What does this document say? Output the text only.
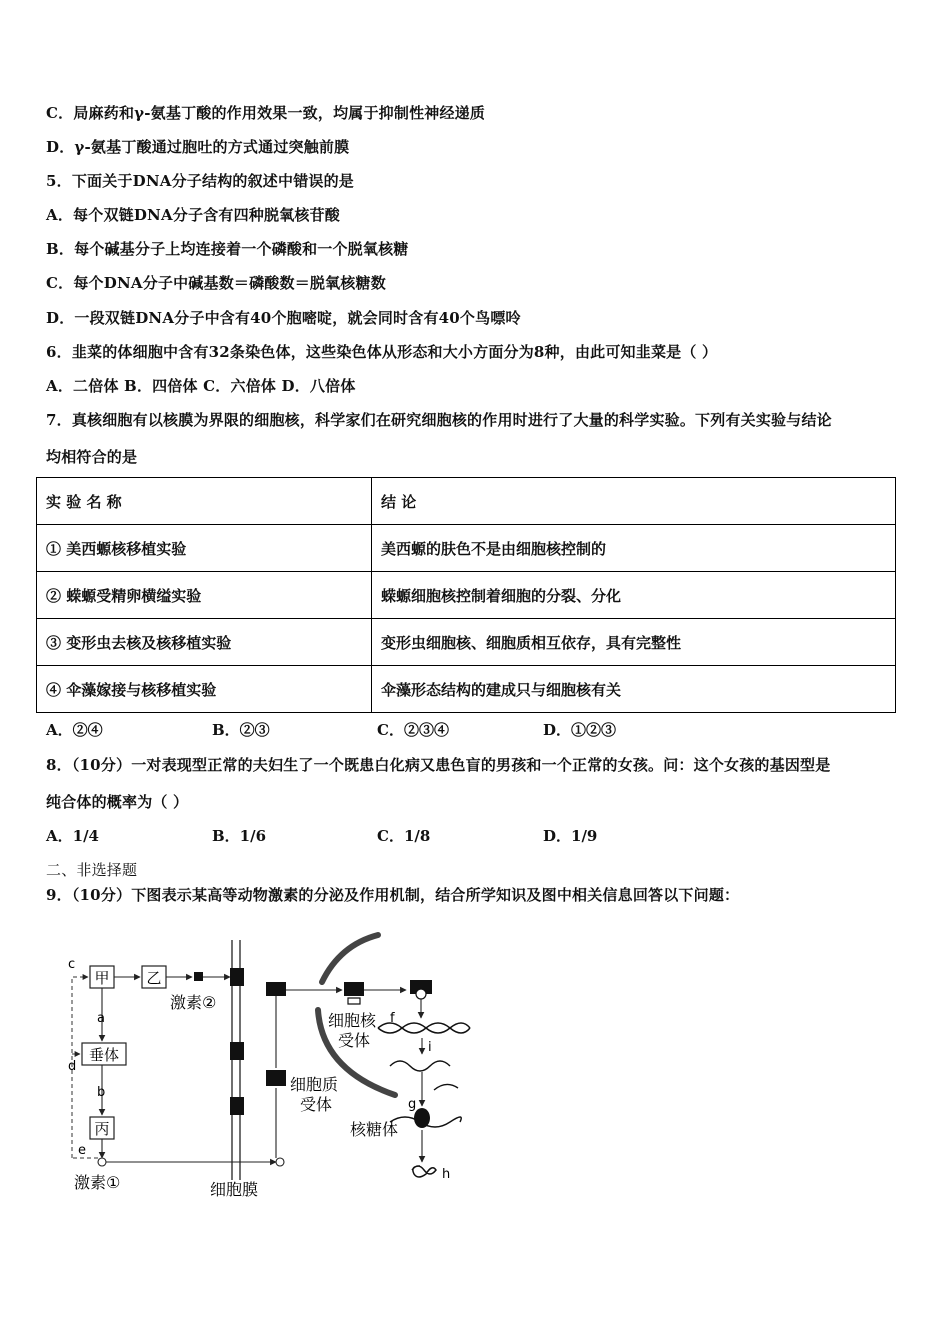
C．局麻药和γ-氨基丁酸的作用效果一致，均属于抑制性神经递质
D．γ-氨基丁酸通过胞吐的方式通过突触前膜
5．下面关于DNA分子结构的叙述中错误的是
A．每个双链DNA分子含有四种脱氧核苷酸
B．每个碱基分子上均连接着一个磷酸和一个脱氧核糖
C．每个DNA分子中碱基数＝磷酸数＝脱氧核糖数
D．一段双链DNA分子中含有40个胞嘧啶，就会同时含有40个鸟嘌呤
6．韭菜的体细胞中含有32条染色体，这些染色体从形态和大小方面分为8种，由此可知韭菜是（ ）
A．二倍体 B．四倍体 C．六倍体 D．八倍体
7．真核细胞有以核膜为界限的细胞核，科学家们在研究细胞核的作用时进行了大量的科学实验。下列有关实验与结论
均相符合的是
实 验 名 称	结 论
① 美西螈核移植实验	美西螈的肤色不是由细胞核控制的
② 蝾螈受精卵横缢实验	蝾螈细胞核控制着细胞的分裂、分化
③ 变形虫去核及核移植实验	变形虫细胞核、细胞质相互依存，具有完整性
④ 伞藻嫁接与核移植实验	伞藻形态结构的建成只与细胞核有关
A．②④	B．②③	C．②③④	D．①②③
8．（10分）一对表现型正常的夫妇生了一个既患白化病又患色盲的男孩和一个正常的女孩。问：这个女孩的基因型是
纯合体的概率为（ ）
A．1/4	B．1/6	C．1/8	D．1/9
二、非选择题
9．（10分）下图表示某高等动物激素的分泌及作用机制，结合所学知识及图中相关信息回答以下问题：
甲 乙
激素②
垂体
丙
a
b
激素①
c
d
e
细胞膜
细胞质
受体
细胞核
受体
f
i
g
核糖体
h
